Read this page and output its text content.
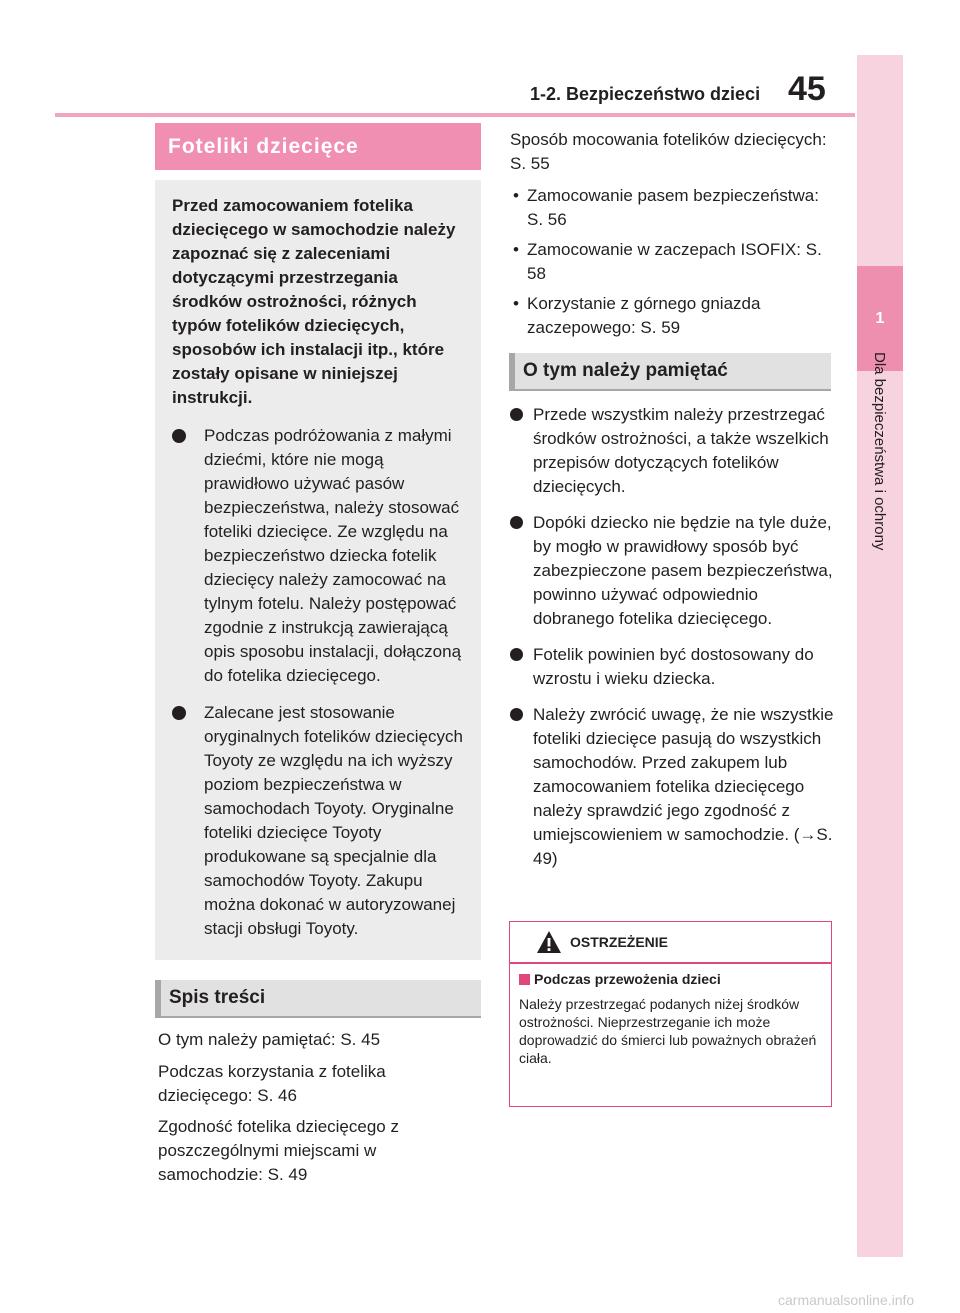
1-2. Bezpieczeństwo dzieci 45
1
Dla bezpieczeństwa i ochrony
Foteliki dziecięce
Przed zamocowaniem fotelika dziecięcego w samochodzie należy zapoznać się z zaleceniami dotyczącymi przestrzegania środków ostrożności, różnych typów fotelików dziecięcych, sposobów ich instalacji itp., które zostały opisane w niniejszej instrukcji.
Podczas podróżowania z małymi dziećmi, które nie mogą prawidłowo używać pasów bezpieczeństwa, należy stosować foteliki dziecięce. Ze względu na bezpieczeństwo dziecka fotelik dziecięcy należy zamocować na tylnym fotelu. Należy postępować zgodnie z instrukcją zawierającą opis sposobu instalacji, dołączoną do fotelika dziecięcego.
Zalecane jest stosowanie oryginalnych fotelików dziecięcych Toyoty ze względu na ich wyższy poziom bezpieczeństwa w samochodach Toyoty. Oryginalne foteliki dziecięce Toyoty produkowane są specjalnie dla samochodów Toyoty. Zakupu można dokonać w autoryzowanej stacji obsługi Toyoty.
Spis treści
O tym należy pamiętać: S. 45
Podczas korzystania z fotelika dziecięcego: S. 46
Zgodność fotelika dziecięcego z poszczególnymi miejscami w samochodzie: S. 49
Sposób mocowania fotelików dziecięcych: S. 55
• Zamocowanie pasem bezpieczeństwa: S. 56
• Zamocowanie w zaczepach ISOFIX: S. 58
• Korzystanie z górnego gniazda zaczepowego: S. 59
O tym należy pamiętać
Przede wszystkim należy przestrzegać środków ostrożności, a także wszelkich przepisów dotyczących fotelików dziecięcych.
Dopóki dziecko nie będzie na tyle duże, by mogło w prawidłowy sposób być zabezpieczone pasem bezpieczeństwa, powinno używać odpowiednio dobranego fotelika dziecięcego.
Fotelik powinien być dostosowany do wzrostu i wieku dziecka.
Należy zwrócić uwagę, że nie wszystkie foteliki dziecięce pasują do wszystkich samochodów. Przed zakupem lub zamocowaniem fotelika dziecięcego należy sprawdzić jego zgodność z umiejscowieniem w samochodzie. (→S. 49)
OSTRZEŻENIE
Podczas przewożenia dzieci
Należy przestrzegać podanych niżej środków ostrożności. Nieprzestrzeganie ich może doprowadzić do śmierci lub poważnych obrażeń ciała.
carmanualsonline.info
